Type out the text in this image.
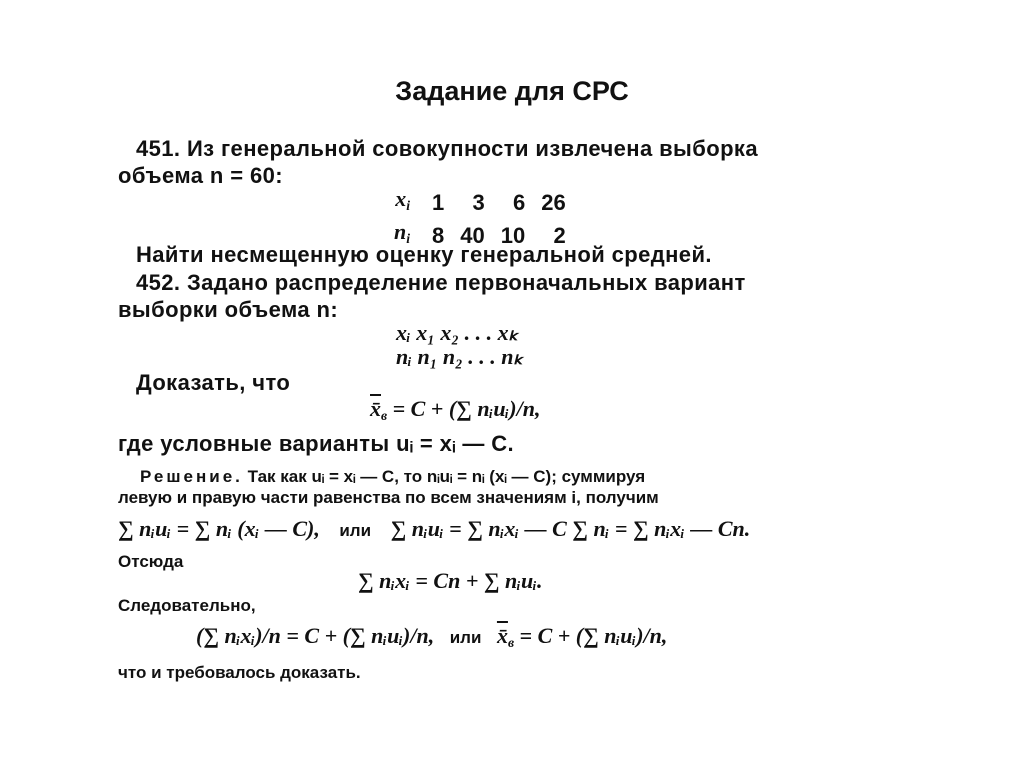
Задание для СРС
451. Из генеральной совокупности извлечена выборка
объема n = 60:
$x_i$	1	3	6	26
$n_i$	8	40	10	2
Найти несмещенную оценку генеральной средней.
452. Задано распределение первоначальных вариант
выборки объема n:
xᵢ x₁ x₂ . . . xₖ
nᵢ n₁ n₂ . . . nₖ
Доказать, что
$x̄_в = C$ + (∑ nᵢuᵢ)/n,
где условные варианты uᵢ = xᵢ — C.
Решение. Так как uᵢ = xᵢ — C, то nᵢuᵢ = nᵢ (xᵢ — C); суммируя
левую и правую части равенства по всем значениям i, получим
∑ nᵢuᵢ = ∑ nᵢ (xᵢ — C), или ∑ nᵢuᵢ = ∑ nᵢxᵢ — C ∑ nᵢ = ∑ nᵢxᵢ — Cn.
Отсюда
∑ nᵢxᵢ = Cn + ∑ nᵢuᵢ.
Следовательно,
(∑ nᵢxᵢ)/n = C + (∑ nᵢuᵢ)/n, или $x̄_в = C$ + (∑ nᵢuᵢ)/n,
что и требовалось доказать.
